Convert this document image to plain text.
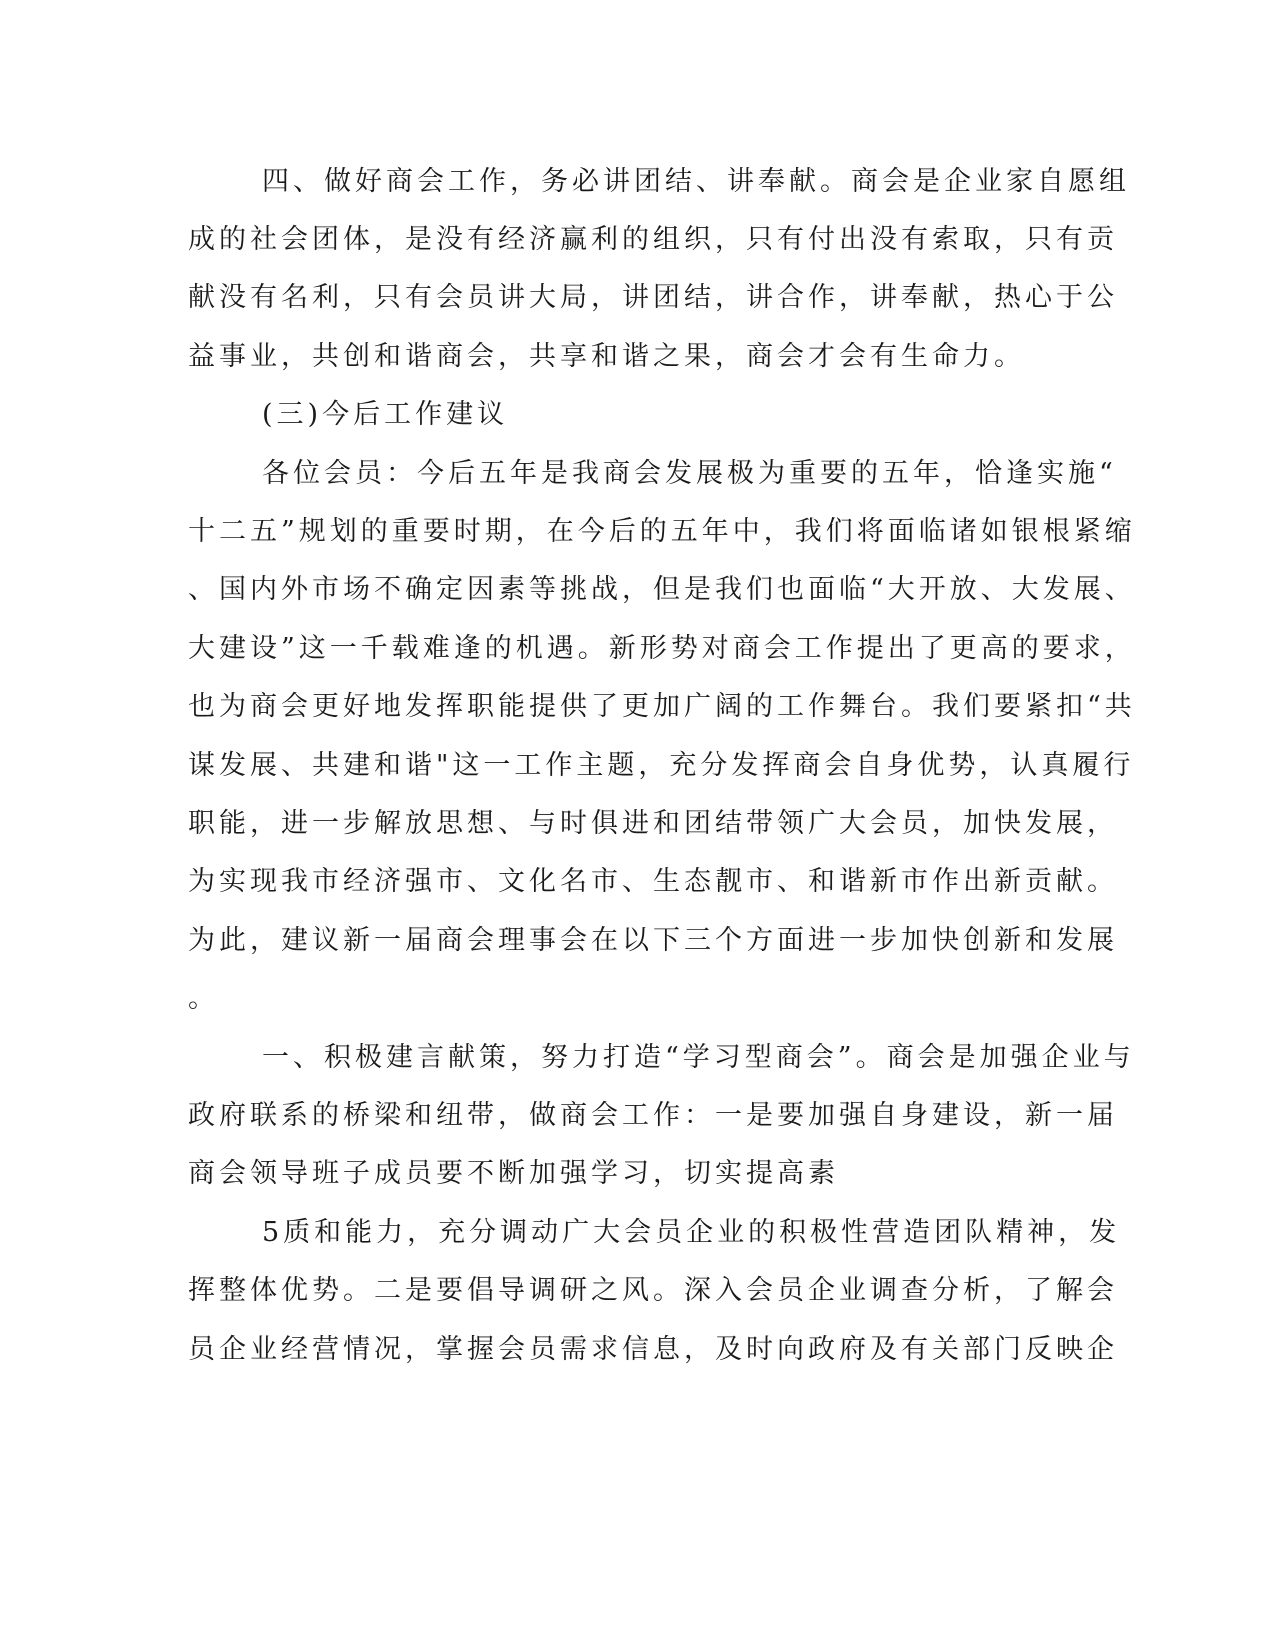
四、做好商会工作，务必讲团结、讲奉献。商会是企业家自愿组

成的社会团体，是没有经济赢利的组织，只有付出没有索取，只有贡

献没有名利，只有会员讲大局，讲团结，讲合作，讲奉献，热心于公

益事业，共创和谐商会，共享和谐之果，商会才会有生命力。

(三)今后工作建议

各位会员：今后五年是我商会发展极为重要的五年，恰逢实施“

十二五”规划的重要时期，在今后的五年中，我们将面临诸如银根紧缩

、国内外市场不确定因素等挑战，但是我们也面临“大开放、大发展、

大建设”这一千载难逢的机遇。新形势对商会工作提出了更高的要求，

也为商会更好地发挥职能提供了更加广阔的工作舞台。我们要紧扣“共

谋发展、共建和谐"这一工作主题，充分发挥商会自身优势，认真履行

职能，进一步解放思想、与时俱进和团结带领广大会员，加快发展，

为实现我市经济强市、文化名市、生态靓市、和谐新市作出新贡献。

为此，建议新一届商会理事会在以下三个方面进一步加快创新和发展

。

一、积极建言献策，努力打造“学习型商会”。商会是加强企业与

政府联系的桥梁和纽带，做商会工作：一是要加强自身建设，新一届

商会领导班子成员要不断加强学习，切实提高素

5质和能力，充分调动广大会员企业的积极性营造团队精神，发

挥整体优势。二是要倡导调研之风。深入会员企业调查分析，了解会

员企业经营情况，掌握会员需求信息，及时向政府及有关部门反映企
